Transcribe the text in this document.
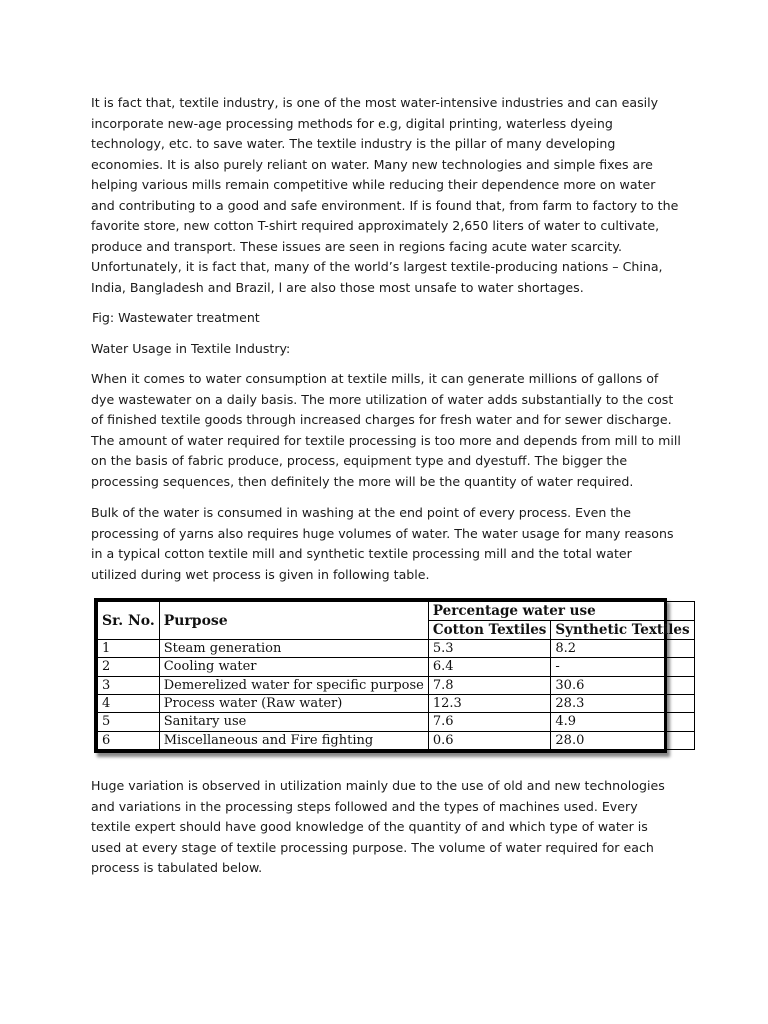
It is fact that, textile industry, is one of the most water-intensive industries and can easily incorporate new-age processing methods for e.g, digital printing, waterless dyeing technology, etc. to save water. The textile industry is the pillar of many developing economies. It is also purely reliant on water. Many new technologies and simple fixes are helping various mills remain competitive while reducing their dependence more on water and contributing to a good and safe environment. If is found that, from farm to factory to the favorite store, new cotton T-shirt required approximately 2,650 liters of water to cultivate, produce and transport. These issues are seen in regions facing acute water scarcity. Unfortunately, it is fact that, many of the world’s largest textile-producing nations – China, India, Bangladesh and Brazil, l are also those most unsafe to water shortages.

Fig: Wastewater treatment

Water Usage in Textile Industry:

When it comes to water consumption at textile mills, it can generate millions of gallons of dye wastewater on a daily basis. The more utilization of water adds substantially to the cost of finished textile goods through increased charges for fresh water and for sewer discharge. The amount of water required for textile processing is too more and depends from mill to mill on the basis of fabric produce, process, equipment type and dyestuff. The bigger the processing sequences, then definitely the more will be the quantity of water required.

Bulk of the water is consumed in washing at the end point of every process. Even the processing of yarns also requires huge volumes of water. The water usage for many reasons in a typical cotton textile mill and synthetic textile processing mill and the total water utilized during wet process is given in following table.

Sr. No.	Purpose	Percentage water use	
		Cotton Textiles	Synthetic Textiles
1	Steam generation	5.3	8.2
2	Cooling water	6.4	-
3	Demerelized water for specific purpose	7.8	30.6
4	Process water (Raw water)	12.3	28.3
5	Sanitary use	7.6	4.9
6	Miscellaneous and Fire fighting	0.6	28.0

Huge variation is observed in utilization mainly due to the use of old and new technologies and variations in the processing steps followed and the types of machines used. Every textile expert should have good knowledge of the quantity of and which type of water is used at every stage of textile processing purpose. The volume of water required for each process is tabulated below.
